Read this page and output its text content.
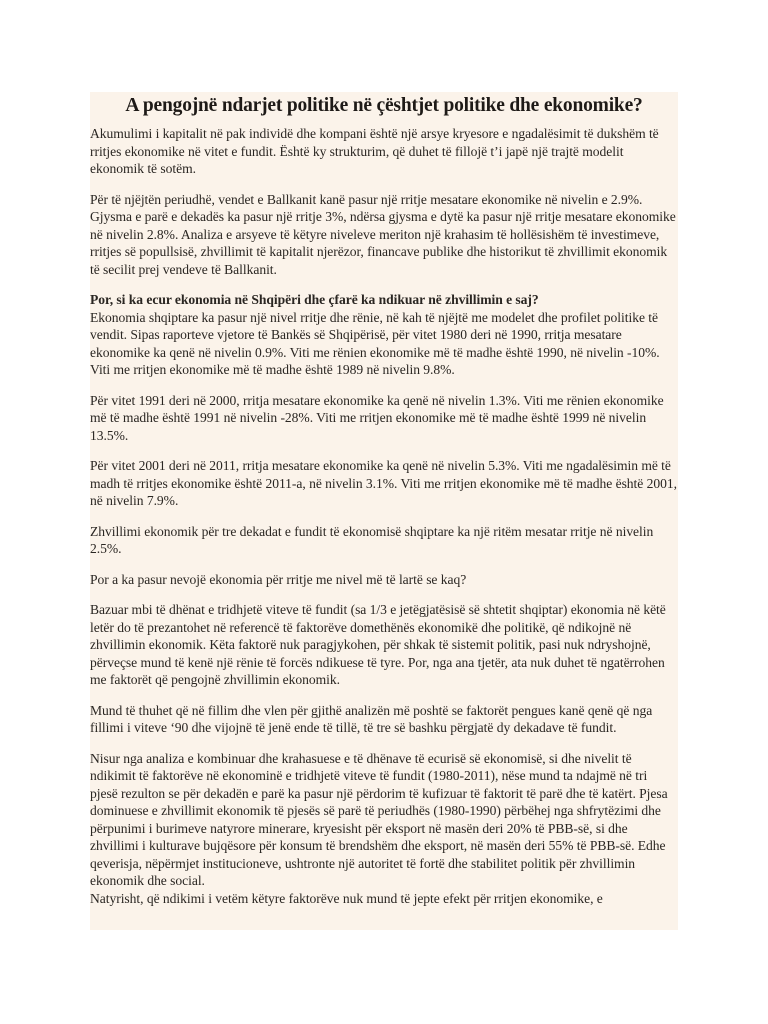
A pengojnë ndarjet politike në çështjet politike dhe ekonomike?

Akumulimi i kapitalit në pak individë dhe kompani është një arsye kryesore e ngadalësimit të dukshëm të rritjes ekonomike në vitet e fundit. Është ky strukturim, që duhet të fillojë t’i japë një trajtë modelit ekonomik të sotëm.

Për të njëjtën periudhë, vendet e Ballkanit kanë pasur një rritje mesatare ekonomike në nivelin e 2.9%. Gjysma e parë e dekadës ka pasur një rritje 3%, ndërsa gjysma e dytë ka pasur një rritje mesatare ekonomike në nivelin 2.8%. Analiza e arsyeve të këtyre niveleve meriton një krahasim të hollësishëm të investimeve, rritjes së popullsisë, zhvillimit të kapitalit njerëzor, financave publike dhe historikut të zhvillimit ekonomik të secilit prej vendeve të Ballkanit.

Por, si ka ecur ekonomia në Shqipëri dhe çfarë ka ndikuar në zhvillimin e saj?

Ekonomia shqiptare ka pasur një nivel rritje dhe rënie, në kah të njëjtë me modelet dhe profilet politike të vendit. Sipas raporteve vjetore të Bankës së Shqipërisë, për vitet 1980 deri në 1990, rritja mesatare ekonomike ka qenë në nivelin 0.9%. Viti me rënien ekonomike më të madhe është 1990, në nivelin -10%. Viti me rritjen ekonomike më të madhe është 1989 në nivelin 9.8%.

Për vitet 1991 deri në 2000, rritja mesatare ekonomike ka qenë në nivelin 1.3%. Viti me rënien ekonomike më të madhe është 1991 në nivelin -28%. Viti me rritjen ekonomike më të madhe është 1999 në nivelin 13.5%.

Për vitet 2001 deri në 2011, rritja mesatare ekonomike ka qenë në nivelin 5.3%. Viti me ngadalësimin më të madh të rritjes ekonomike është 2011-a, në nivelin 3.1%. Viti me rritjen ekonomike më të madhe është 2001, në nivelin 7.9%.

Zhvillimi ekonomik për tre dekadat e fundit të ekonomisë shqiptare ka një ritëm mesatar rritje në nivelin 2.5%.

Por a ka pasur nevojë ekonomia për rritje me nivel më të lartë se kaq?

Bazuar mbi të dhënat e tridhjetë viteve të fundit (sa 1/3 e jetëgjatësisë së shtetit shqiptar) ekonomia në këtë letër do të prezantohet në referencë të faktorëve domethënës ekonomikë dhe politikë, që ndikojnë në zhvillimin ekonomik. Këta faktorë nuk paragjykohen, për shkak të sistemit politik, pasi nuk ndryshojnë, përveçse mund të kenë një rënie të forcës ndikuese të tyre. Por, nga ana tjetër, ata nuk duhet të ngatërrohen me faktorët që pengojnë zhvillimin ekonomik.

Mund të thuhet që në fillim dhe vlen për gjithë analizën më poshtë se faktorët pengues kanë qenë që nga fillimi i viteve ‘90 dhe vijojnë të jenë ende të tillë, të tre së bashku përgjatë dy dekadave të fundit.

Nisur nga analiza e kombinuar dhe krahasuese e të dhënave të ecurisë së ekonomisë, si dhe nivelit të ndikimit të faktorëve në ekonominë e tridhjetë viteve të fundit (1980-2011), nëse mund ta ndajmë në tri pjesë rezulton se për dekadën e parë ka pasur një përdorim të kufizuar të faktorit të parë dhe të katërt. Pjesa dominuese e zhvillimit ekonomik të pjesës së parë të periudhës (1980-1990) përbëhej nga shfrytëzimi dhe përpunimi i burimeve natyrore minerare, kryesisht për eksport në masën deri 20% të PBB-së, si dhe zhvillimi i kulturave bujqësore për konsum të brendshëm dhe eksport, në masën deri 55% të PBB-së. Edhe qeverisja, nëpërmjet institucioneve, ushtronte një autoritet të fortë dhe stabilitet politik për zhvillimin ekonomik dhe social.

Natyrisht, që ndikimi i vetëm këtyre faktorëve nuk mund të jepte efekt për rritjen ekonomike, e
